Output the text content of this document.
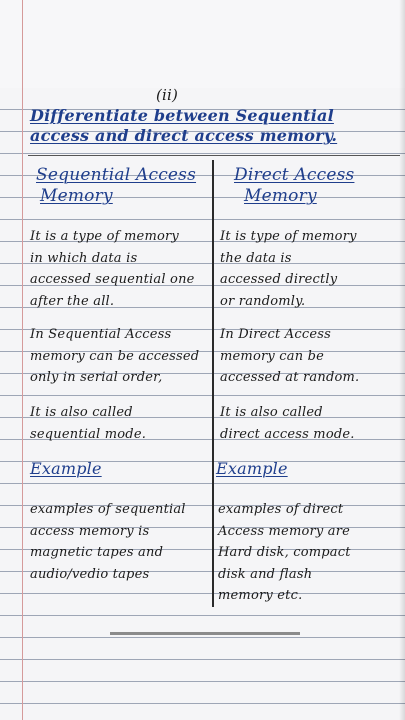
(ii)
Differentiate between Sequential
access and direct access memory.
Sequential Access
Memory
It is a type of memory
in which data is
accessed sequential one
after the all.
In Sequential Access
memory can be accessed
only in serial order,
It is also called
sequential mode.
Example
examples of sequential
access memory is
magnetic tapes and
audio/vedio tapes
Direct Access
Memory
It is type of memory
the data is
accessed directly
or randomly.
In Direct Access
memory can be
accessed at random.
It is also called
direct access mode.
Example
examples of direct
Access memory are
Hard disk, compact
disk and flash
memory etc.
